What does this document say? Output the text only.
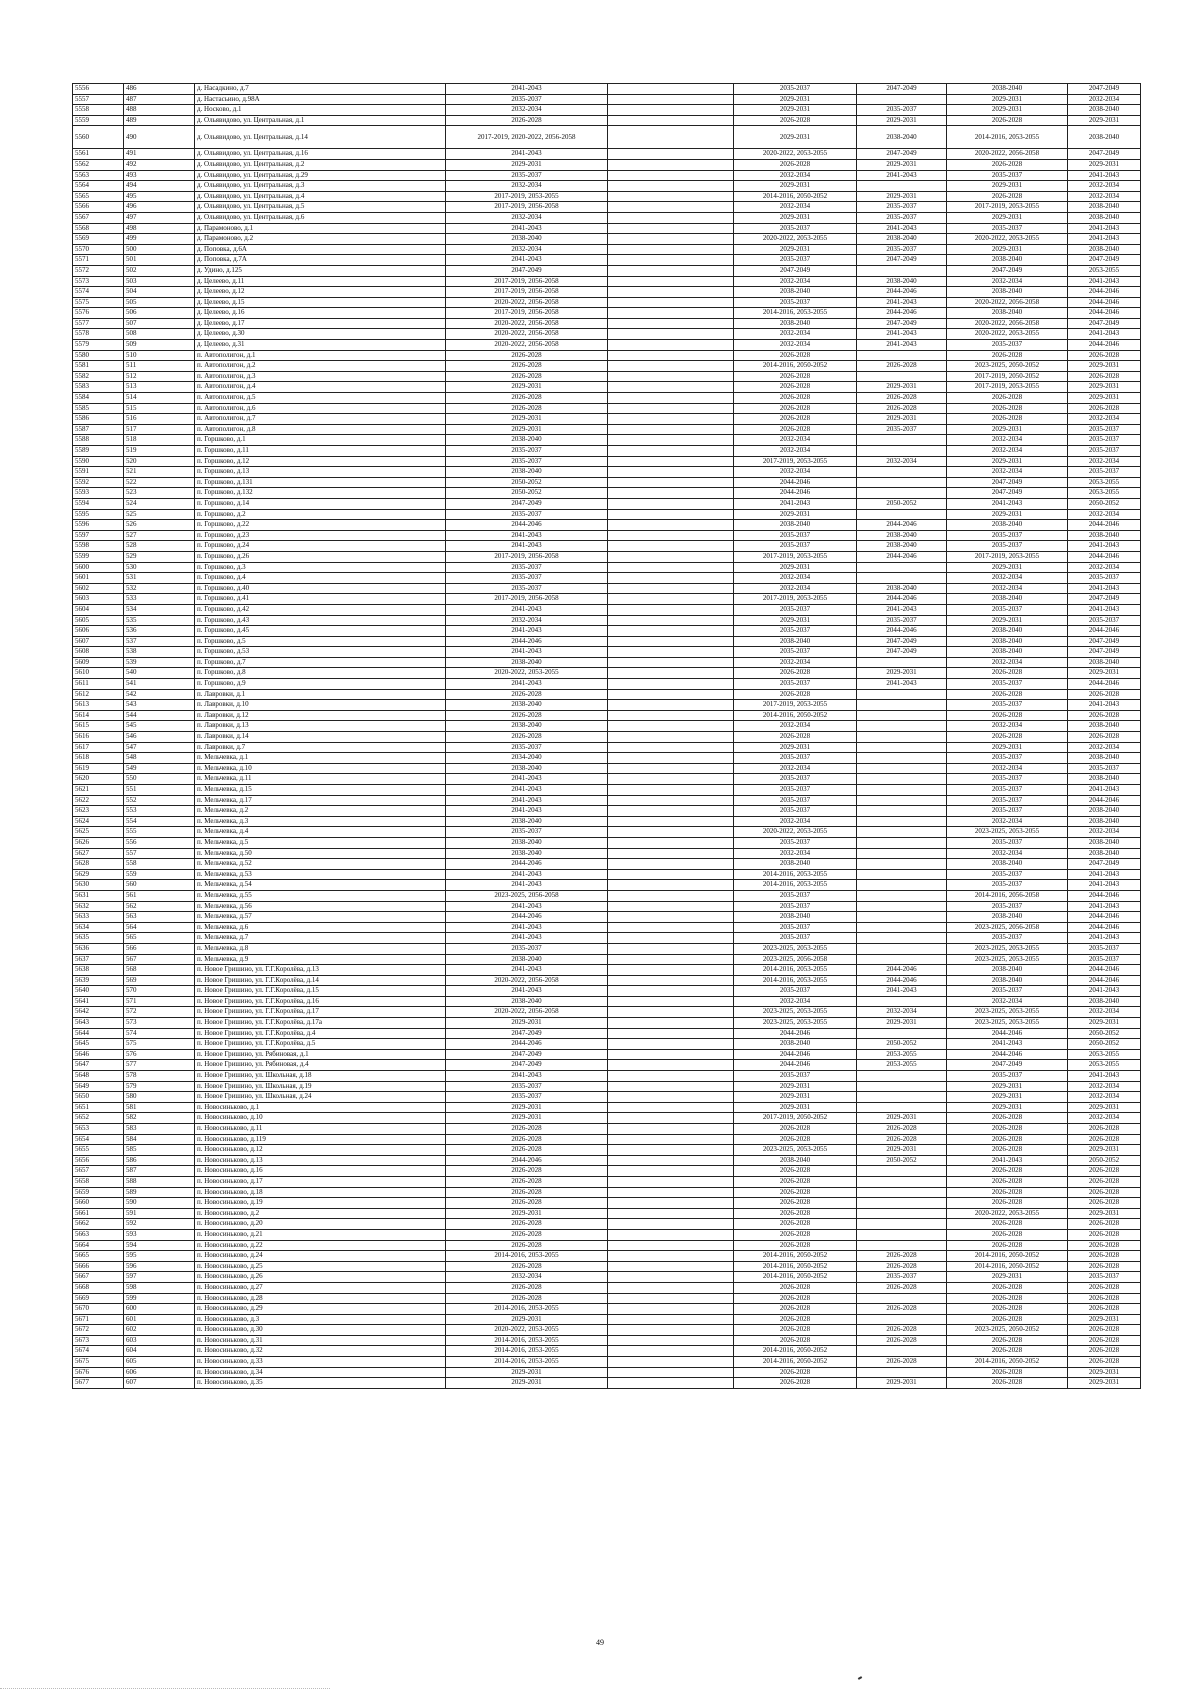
5556	486	д. Насадкино, д.7	2041-2043		2035-2037	2047-2049	2038-2040	2047-2049
5557	487	д. Настасьино, д.98А	2035-2037		2029-2031		2029-2031	2032-2034
5558	488	д. Носково, д.1	2032-2034		2029-2031	2035-2037	2029-2031	2038-2040
5559	489	д. Ольявидово, ул. Центральная, д.1	2026-2028		2026-2028	2029-2031	2026-2028	2029-2031
5560	490	д. Ольявидово, ул. Центральная, д.14	2017-2019, 2020-2022, 2056-2058		2029-2031	2038-2040	2014-2016, 2053-2055	2038-2040
5561	491	д. Ольявидово, ул. Центральная, д.16	2041-2043		2020-2022, 2053-2055	2047-2049	2020-2022, 2056-2058	2047-2049
5562	492	д. Ольявидово, ул. Центральная, д.2	2029-2031		2026-2028	2029-2031	2026-2028	2029-2031
5563	493	д. Ольявидово, ул. Центральная, д.29	2035-2037		2032-2034	2041-2043	2035-2037	2041-2043
5564	494	д. Ольявидово, ул. Центральная, д.3	2032-2034		2029-2031		2029-2031	2032-2034
5565	495	д. Ольявидово, ул. Центральная, д.4	2017-2019, 2053-2055		2014-2016, 2050-2052	2029-2031	2026-2028	2032-2034
5566	496	д. Ольявидово, ул. Центральная, д.5	2017-2019, 2056-2058		2032-2034	2035-2037	2017-2019, 2053-2055	2038-2040
5567	497	д. Ольявидово, ул. Центральная, д.6	2032-2034		2029-2031	2035-2037	2029-2031	2038-2040
5568	498	д. Парамоново, д.1	2041-2043		2035-2037	2041-2043	2035-2037	2041-2043
5569	499	д. Парамоново, д.2	2038-2040		2020-2022, 2053-2055	2038-2040	2020-2022, 2053-2055	2041-2043
5570	500	д. Поповка, д.6А	2032-2034		2029-2031	2035-2037	2029-2031	2038-2040
5571	501	д. Поповка, д.7А	2041-2043		2035-2037	2047-2049	2038-2040	2047-2049
5572	502	д. Удино, д.125	2047-2049		2047-2049		2047-2049	2053-2055
5573	503	д. Целеево, д.11	2017-2019, 2056-2058		2032-2034	2038-2040	2032-2034	2041-2043
5574	504	д. Целеево, д.12	2017-2019, 2056-2058		2038-2040	2044-2046	2038-2040	2044-2046
5575	505	д. Целеево, д.15	2020-2022, 2056-2058		2035-2037	2041-2043	2020-2022, 2056-2058	2044-2046
5576	506	д. Целеево, д.16	2017-2019, 2056-2058		2014-2016, 2053-2055	2044-2046	2038-2040	2044-2046
5577	507	д. Целеево, д.17	2020-2022, 2056-2058		2038-2040	2047-2049	2020-2022, 2056-2058	2047-2049
5578	508	д. Целеево, д.30	2020-2022, 2056-2058		2032-2034	2041-2043	2020-2022, 2053-2055	2041-2043
5579	509	д. Целеево, д.31	2020-2022, 2056-2058		2032-2034	2041-2043	2035-2037	2044-2046
5580	510	п. Автополигон, д.1	2026-2028		2026-2028		2026-2028	2026-2028
5581	511	п. Автополигон, д.2	2026-2028		2014-2016, 2050-2052	2026-2028	2023-2025, 2050-2052	2029-2031
5582	512	п. Автополигон, д.3	2026-2028		2026-2028		2017-2019, 2050-2052	2026-2028
5583	513	п. Автополигон, д.4	2029-2031		2026-2028	2029-2031	2017-2019, 2053-2055	2029-2031
5584	514	п. Автополигон, д.5	2026-2028		2026-2028	2026-2028	2026-2028	2029-2031
5585	515	п. Автополигон, д.6	2026-2028		2026-2028	2026-2028	2026-2028	2026-2028
5586	516	п. Автополигон, д.7	2029-2031		2026-2028	2029-2031	2026-2028	2032-2034
5587	517	п. Автополигон, д.8	2029-2031		2026-2028	2035-2037	2029-2031	2035-2037
5588	518	п. Горшково, д.1	2038-2040		2032-2034		2032-2034	2035-2037
5589	519	п. Горшково, д.11	2035-2037		2032-2034		2032-2034	2035-2037
5590	520	п. Горшково, д.12	2035-2037		2017-2019, 2053-2055	2032-2034	2029-2031	2032-2034
5591	521	п. Горшково, д.13	2038-2040		2032-2034		2032-2034	2035-2037
5592	522	п. Горшково, д.131	2050-2052		2044-2046		2047-2049	2053-2055
5593	523	п. Горшково, д.132	2050-2052		2044-2046		2047-2049	2053-2055
5594	524	п. Горшково, д.14	2047-2049		2041-2043	2050-2052	2041-2043	2050-2052
5595	525	п. Горшково, д.2	2035-2037		2029-2031		2029-2031	2032-2034
5596	526	п. Горшково, д.22	2044-2046		2038-2040	2044-2046	2038-2040	2044-2046
5597	527	п. Горшково, д.23	2041-2043		2035-2037	2038-2040	2035-2037	2038-2040
5598	528	п. Горшково, д.24	2041-2043		2035-2037	2038-2040	2035-2037	2041-2043
5599	529	п. Горшково, д.26	2017-2019, 2056-2058		2017-2019, 2053-2055	2044-2046	2017-2019, 2053-2055	2044-2046
5600	530	п. Горшково, д.3	2035-2037		2029-2031		2029-2031	2032-2034
5601	531	п. Горшково, д.4	2035-2037		2032-2034		2032-2034	2035-2037
5602	532	п. Горшково, д.40	2035-2037		2032-2034	2038-2040	2032-2034	2041-2043
5603	533	п. Горшково, д.41	2017-2019, 2056-2058		2017-2019, 2053-2055	2044-2046	2038-2040	2047-2049
5604	534	п. Горшково, д.42	2041-2043		2035-2037	2041-2043	2035-2037	2041-2043
5605	535	п. Горшково, д.43	2032-2034		2029-2031	2035-2037	2029-2031	2035-2037
5606	536	п. Горшково, д.45	2041-2043		2035-2037	2044-2046	2038-2040	2044-2046
5607	537	п. Горшково, д.5	2044-2046		2038-2040	2047-2049	2038-2040	2047-2049
5608	538	п. Горшково, д.53	2041-2043		2035-2037	2047-2049	2038-2040	2047-2049
5609	539	п. Горшково, д.7	2038-2040		2032-2034		2032-2034	2038-2040
5610	540	п. Горшково, д.8	2020-2022, 2053-2055		2026-2028	2029-2031	2026-2028	2029-2031
5611	541	п. Горшково, д.9	2041-2043		2035-2037	2041-2043	2035-2037	2044-2046
5612	542	п. Лавровки, д.1	2026-2028		2026-2028		2026-2028	2026-2028
5613	543	п. Лавровки, д.10	2038-2040		2017-2019, 2053-2055		2035-2037	2041-2043
5614	544	п. Лавровки, д.12	2026-2028		2014-2016, 2050-2052		2026-2028	2026-2028
5615	545	п. Лавровки, д.13	2038-2040		2032-2034		2032-2034	2038-2040
5616	546	п. Лавровки, д.14	2026-2028		2026-2028		2026-2028	2026-2028
5617	547	п. Лавровки, д.7	2035-2037		2029-2031		2029-2031	2032-2034
5618	548	п. Мельчевка, д.1	2034-2040		2035-2037		2035-2037	2038-2040
5619	549	п. Мельчевка, д.10	2038-2040		2032-2034		2032-2034	2035-2037
5620	550	п. Мельчевка, д.11	2041-2043		2035-2037		2035-2037	2038-2040
5621	551	п. Мельчевка, д.15	2041-2043		2035-2037		2035-2037	2041-2043
5622	552	п. Мельчевка, д.17	2041-2043		2035-2037		2035-2037	2044-2046
5623	553	п. Мельчевка, д.2	2041-2043		2035-2037		2035-2037	2038-2040
5624	554	п. Мельчевка, д.3	2038-2040		2032-2034		2032-2034	2038-2040
5625	555	п. Мельчевка, д.4	2035-2037		2020-2022, 2053-2055		2023-2025, 2053-2055	2032-2034
5626	556	п. Мельчевка, д.5	2038-2040		2035-2037		2035-2037	2038-2040
5627	557	п. Мельчевка, д.50	2038-2040		2032-2034		2032-2034	2038-2040
5628	558	п. Мельчевка, д.52	2044-2046		2038-2040		2038-2040	2047-2049
5629	559	п. Мельчевка, д.53	2041-2043		2014-2016, 2053-2055		2035-2037	2041-2043
5630	560	п. Мельчевка, д.54	2041-2043		2014-2016, 2053-2055		2035-2037	2041-2043
5631	561	п. Мельчевка, д.55	2023-2025, 2056-2058		2035-2037		2014-2016, 2056-2058	2044-2046
5632	562	п. Мельчевка, д.56	2041-2043		2035-2037		2035-2037	2041-2043
5633	563	п. Мельчевка, д.57	2044-2046		2038-2040		2038-2040	2044-2046
5634	564	п. Мельчевка, д.6	2041-2043		2035-2037		2023-2025, 2056-2058	2044-2046
5635	565	п. Мельчевка, д.7	2041-2043		2035-2037		2035-2037	2041-2043
5636	566	п. Мельчевка, д.8	2035-2037		2023-2025, 2053-2055		2023-2025, 2053-2055	2035-2037
5637	567	п. Мельчевка, д.9	2038-2040		2023-2025, 2056-2058		2023-2025, 2053-2055	2035-2037
5638	568	п. Новое Гришино, ул. Г.Г.Королёва, д.13	2041-2043		2014-2016, 2053-2055	2044-2046	2038-2040	2044-2046
5639	569	п. Новое Гришино, ул. Г.Г.Королёва, д.14	2020-2022, 2056-2058		2014-2016, 2053-2055	2044-2046	2038-2040	2044-2046
5640	570	п. Новое Гришино, ул. Г.Г.Королёва, д.15	2041-2043		2035-2037	2041-2043	2035-2037	2041-2043
5641	571	п. Новое Гришино, ул. Г.Г.Королёва, д.16	2038-2040		2032-2034		2032-2034	2038-2040
5642	572	п. Новое Гришино, ул. Г.Г.Королёва, д.17	2020-2022, 2056-2058		2023-2025, 2053-2055	2032-2034	2023-2025, 2053-2055	2032-2034
5643	573	п. Новое Гришино, ул. Г.Г.Королёва, д.17а	2029-2031		2023-2025, 2053-2055	2029-2031	2023-2025, 2053-2055	2029-2031
5644	574	п. Новое Гришино, ул. Г.Г.Королёва, д.4	2047-2049		2044-2046		2044-2046	2050-2052
5645	575	п. Новое Гришино, ул. Г.Г.Королёва, д.5	2044-2046		2038-2040	2050-2052	2041-2043	2050-2052
5646	576	п. Новое Гришино, ул. Рябиновая, д.1	2047-2049		2044-2046	2053-2055	2044-2046	2053-2055
5647	577	п. Новое Гришино, ул. Рябиновая, д.4	2047-2049		2044-2046	2053-2055	2047-2049	2053-2055
5648	578	п. Новое Гришино, ул. Школьная, д.18	2041-2043		2035-2037		2035-2037	2041-2043
5649	579	п. Новое Гришино, ул. Школьная, д.19	2035-2037		2029-2031		2029-2031	2032-2034
5650	580	п. Новое Гришино, ул. Школьная, д.24	2035-2037		2029-2031		2029-2031	2032-2034
5651	581	п. Новосиньково, д.1	2029-2031		2029-2031		2029-2031	2029-2031
5652	582	п. Новосиньково, д.10	2029-2031		2017-2019, 2050-2052	2029-2031	2026-2028	2032-2034
5653	583	п. Новосиньково, д.11	2026-2028		2026-2028	2026-2028	2026-2028	2026-2028
5654	584	п. Новосиньково, д.119	2026-2028		2026-2028	2026-2028	2026-2028	2026-2028
5655	585	п. Новосиньково, д.12	2026-2028		2023-2025, 2053-2055	2029-2031	2026-2028	2029-2031
5656	586	п. Новосиньково, д.13	2044-2046		2038-2040	2050-2052	2041-2043	2050-2052
5657	587	п. Новосиньково, д.16	2026-2028		2026-2028		2026-2028	2026-2028
5658	588	п. Новосиньково, д.17	2026-2028		2026-2028		2026-2028	2026-2028
5659	589	п. Новосиньково, д.18	2026-2028		2026-2028		2026-2028	2026-2028
5660	590	п. Новосиньково, д.19	2026-2028		2026-2028		2026-2028	2026-2028
5661	591	п. Новосиньково, д.2	2029-2031		2026-2028		2020-2022, 2053-2055	2029-2031
5662	592	п. Новосиньково, д.20	2026-2028		2026-2028		2026-2028	2026-2028
5663	593	п. Новосиньково, д.21	2026-2028		2026-2028		2026-2028	2026-2028
5664	594	п. Новосиньково, д.22	2026-2028		2026-2028		2026-2028	2026-2028
5665	595	п. Новосиньково, д.24	2014-2016, 2053-2055		2014-2016, 2050-2052	2026-2028	2014-2016, 2050-2052	2026-2028
5666	596	п. Новосиньково, д.25	2026-2028		2014-2016, 2050-2052	2026-2028	2014-2016, 2050-2052	2026-2028
5667	597	п. Новосиньково, д.26	2032-2034		2014-2016, 2050-2052	2035-2037	2029-2031	2035-2037
5668	598	п. Новосиньково, д.27	2026-2028		2026-2028	2026-2028	2026-2028	2026-2028
5669	599	п. Новосиньково, д.28	2026-2028		2026-2028		2026-2028	2026-2028
5670	600	п. Новосиньково, д.29	2014-2016, 2053-2055		2026-2028	2026-2028	2026-2028	2026-2028
5671	601	п. Новосиньково, д.3	2029-2031		2026-2028		2026-2028	2029-2031
5672	602	п. Новосиньково, д.30	2020-2022, 2053-2055		2026-2028	2026-2028	2023-2025, 2050-2052	2026-2028
5673	603	п. Новосиньково, д.31	2014-2016, 2053-2055		2026-2028	2026-2028	2026-2028	2026-2028
5674	604	п. Новосиньково, д.32	2014-2016, 2053-2055		2014-2016, 2050-2052		2026-2028	2026-2028
5675	605	п. Новосиньково, д.33	2014-2016, 2053-2055		2014-2016, 2050-2052	2026-2028	2014-2016, 2050-2052	2026-2028
5676	606	п. Новосиньково, д.34	2029-2031		2026-2028		2026-2028	2029-2031
5677	607	п. Новосиньково, д.35	2029-2031		2026-2028	2029-2031	2026-2028	2029-2031
49
